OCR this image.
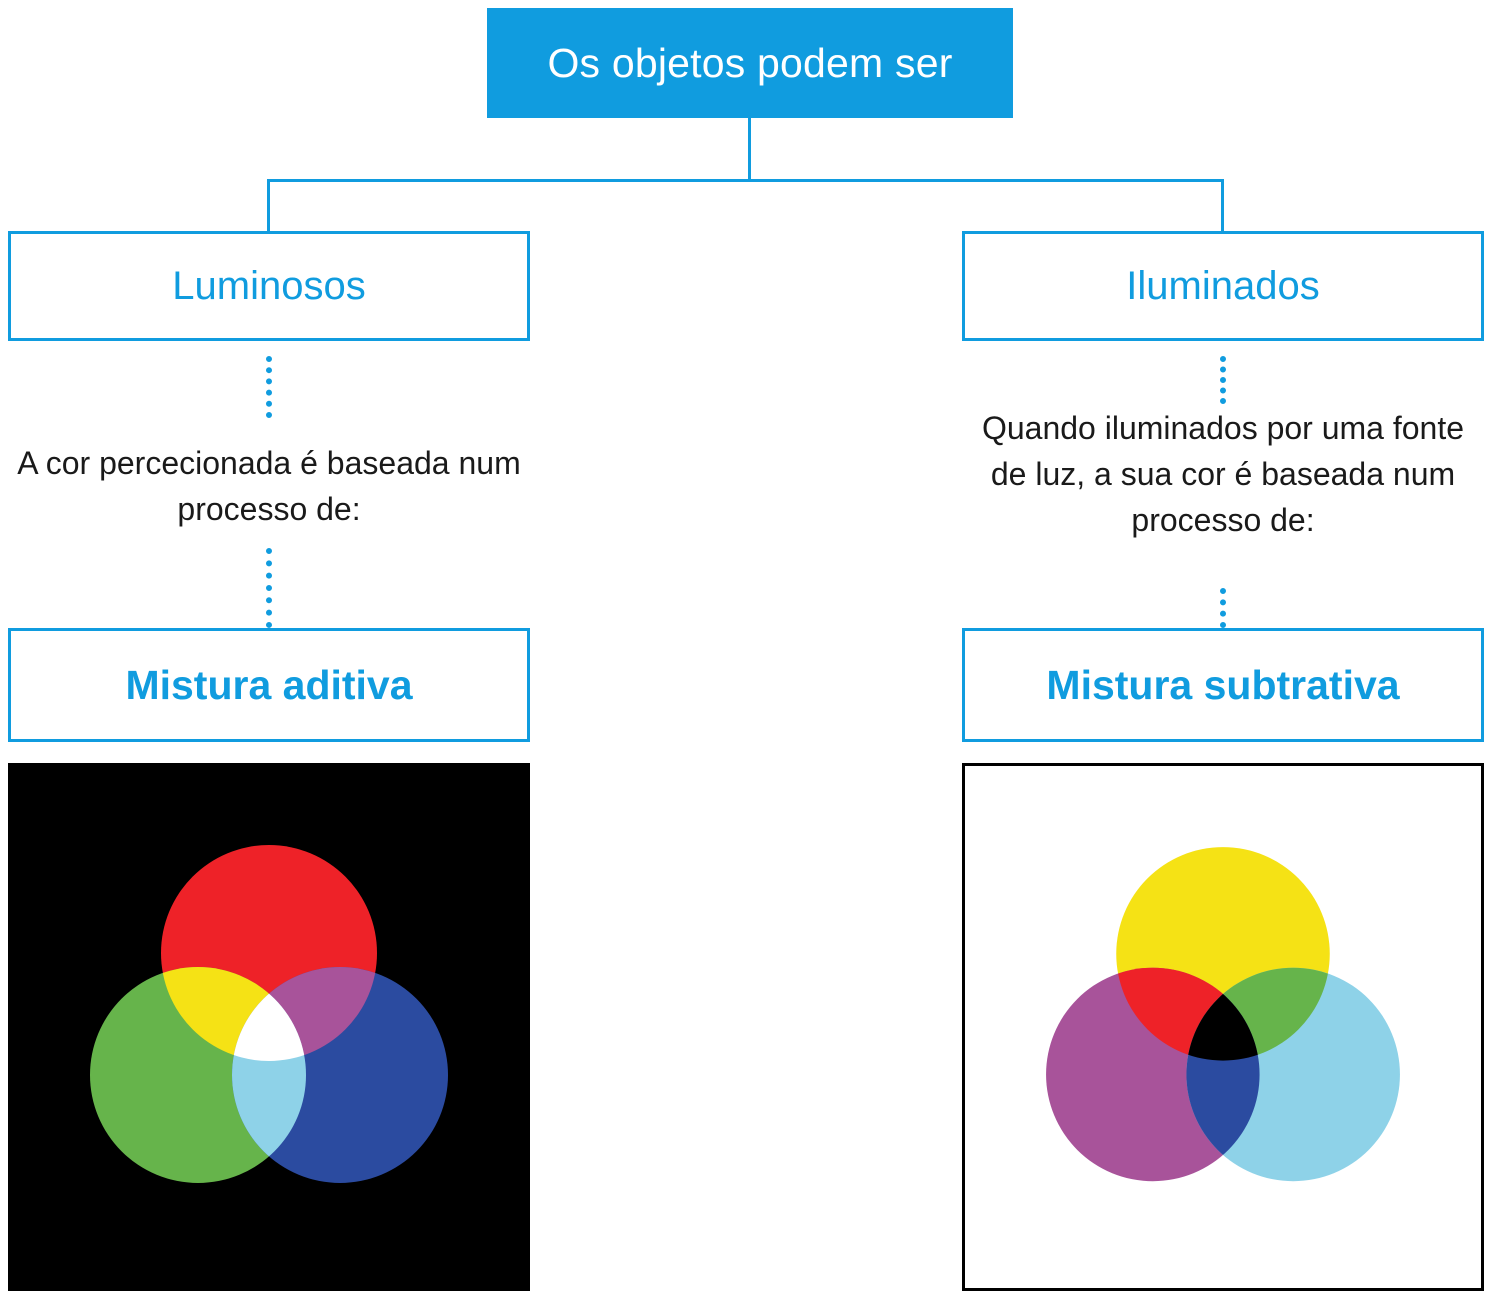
Os objetos podem ser
Luminosos
A cor percecionada é baseada num processo de:
Mistura aditiva
Iluminados
Quando iluminados por uma fonte de luz, a sua cor é baseada num processo de:
Mistura subtrativa
